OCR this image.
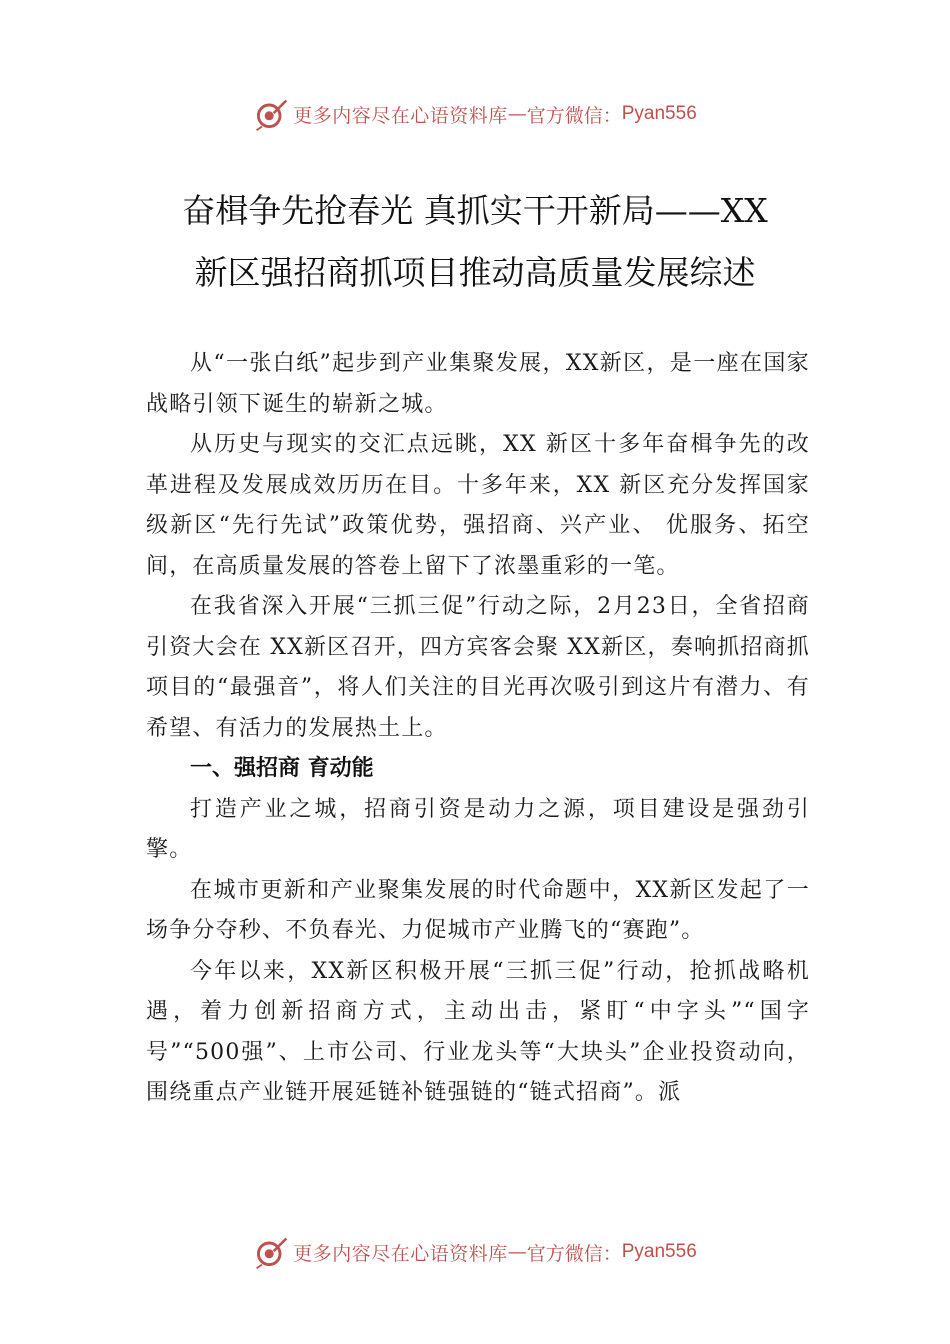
更多内容尽在心语资料库 — 官方微信： Pyan556
奋楫争先抢春光 真抓实干开新局——XX
新区强招商抓项目推动高质量发展综述

从“一张白纸”起步到产业集聚发展，XX新区，是一座在国家战略引领下诞生的崭新之城。

从历史与现实的交汇点远眺，XX 新区十多年奋楫争先的改革进程及发展成效历历在目。十多年来，XX 新区充分发挥国家级新区“先行先试”政策优势，强招商、兴产业、 优服务、拓空间，在高质量发展的答卷上留下了浓墨重彩的一笔。

在我省深入开展“三抓三促”行动之际，2月23日，全省招商引资大会在 XX新区召开，四方宾客会聚 XX新区，奏响抓招商抓项目的“最强音”，将人们关注的目光再次吸引到这片有潜力、有希望、有活力的发展热土上。

一、强招商 育动能

打造产业之城，招商引资是动力之源，项目建设是强劲引擎。

在城市更新和产业聚集发展的时代命题中，XX新区发起了一场争分夺秒、不负春光、力促城市产业腾飞的“赛跑”。

今年以来，XX新区积极开展“三抓三促”行动，抢抓战略机遇，着力创新招商方式，主动出击，紧盯“中字头”“国字号”“500强”、上市公司、行业龙头等“大块头”企业投资动向，围绕重点产业链开展延链补链强链的“链式招商”。派

更多内容尽在心语资料库 — 官方微信： Pyan556
